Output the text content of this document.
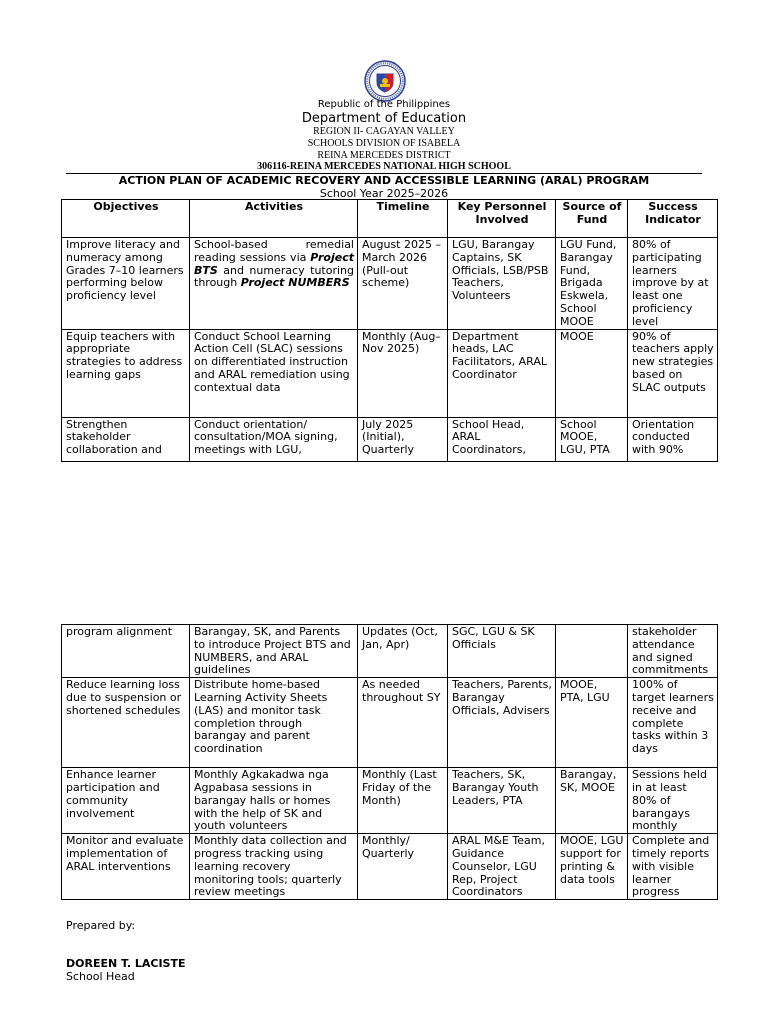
Republic of the Philippines
Department of Education
REGION II- CAGAYAN VALLEY
SCHOOLS DIVISION OF ISABELA
REINA MERCEDES DISTRICT
306116-REINA MERCEDES NATIONAL HIGH SCHOOL
ACTION PLAN OF ACADEMIC RECOVERY AND ACCESSIBLE LEARNING (ARAL) PROGRAM
School Year 2025–2026
Objectives	Activities	Timeline	Key Personnel Involved	Source of Fund	Success Indicator
Improve literacy and numeracy among Grades 7–10 learners performing below proficiency level	School-based remedial reading sessions via Project BTS and numeracy tutoring through Project NUMBERS	August 2025 – March 2026 (Pull-out scheme)	LGU, Barangay Captains, SK Officials, LSB/PSB Teachers, Volunteers	LGU Fund, Barangay Fund, Brigada Eskwela, School MOOE	80% of participating learners improve by at least one proficiency level
Equip teachers with appropriate strategies to address learning gaps	Conduct School Learning Action Cell (SLAC) sessions on differentiated instruction and ARAL remediation using contextual data	Monthly (Aug–Nov 2025)	Department heads, LAC Facilitators, ARAL Coordinator	MOOE	90% of teachers apply new strategies based on SLAC outputs
Strengthen stakeholder collaboration and	Conduct orientation/ consultation/MOA signing, meetings with LGU,	July 2025 (Initial), Quarterly	School Head, ARAL Coordinators,	School MOOE, LGU, PTA	Orientation conducted with 90%
program alignment	Barangay, SK, and Parents to introduce Project BTS and NUMBERS, and ARAL guidelines	Updates (Oct, Jan, Apr)	SGC, LGU & SK Officials		stakeholder attendance and signed commitments
Reduce learning loss due to suspension or shortened schedules	Distribute home-based Learning Activity Sheets (LAS) and monitor task completion through barangay and parent coordination	As needed throughout SY	Teachers, Parents, Barangay Officials, Advisers	MOOE, PTA, LGU	100% of target learners receive and complete tasks within 3 days
Enhance learner participation and community involvement	Monthly Agkakadwa nga Agpabasa sessions in barangay halls or homes with the help of SK and youth volunteers	Monthly (Last Friday of the Month)	Teachers, SK, Barangay Youth Leaders, PTA	Barangay, SK, MOOE	Sessions held in at least 80% of barangays monthly
Monitor and evaluate implementation of ARAL interventions	Monthly data collection and progress tracking using learning recovery monitoring tools; quarterly review meetings	Monthly/ Quarterly	ARAL M&E Team, Guidance Counselor, LGU Rep, Project Coordinators	MOOE, LGU support for printing & data tools	Complete and timely reports with visible learner progress
Prepared by:
DOREEN T. LACISTE
School Head
